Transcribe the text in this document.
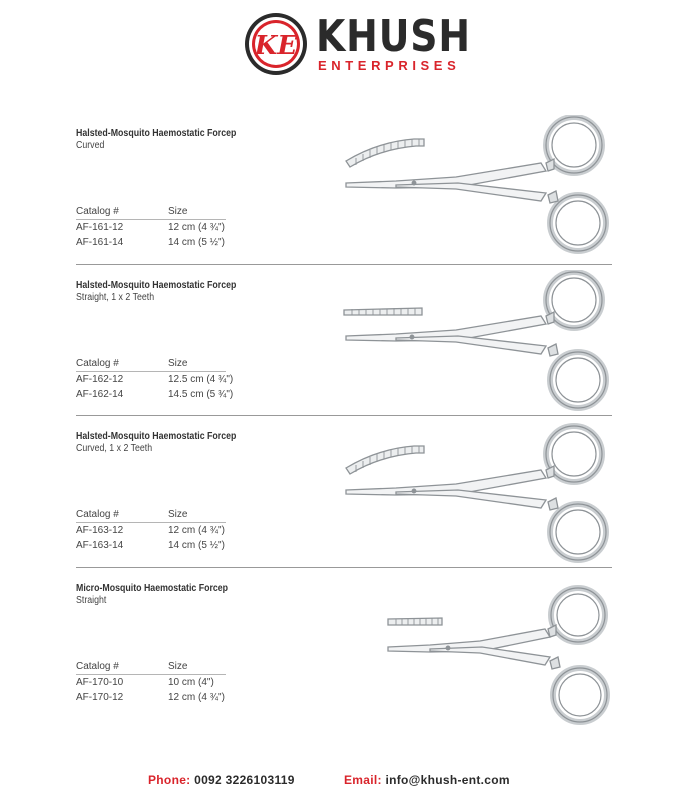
KE KHUSH
ENTERPRISES
Halsted-Mosquito Haemostatic Forcep
Curved
Catalog #	Size
AF-161-12	12 cm (4 ¾")
AF-161-14	14 cm (5 ½")
Halsted-Mosquito Haemostatic Forcep
Straight, 1 x 2 Teeth
Catalog #	Size
AF-162-12	12.5 cm (4 ¾")
AF-162-14	14.5 cm (5 ¾")
Halsted-Mosquito Haemostatic Forcep
Curved, 1 x 2 Teeth
Catalog #	Size
AF-163-12	12 cm (4 ¾")
AF-163-14	14 cm (5 ½")
Micro-Mosquito Haemostatic Forcep
Straight
Catalog #	Size
AF-170-10	10 cm (4")
AF-170-12	12 cm (4 ¾")
Phone: 0092 3226103119	Email: info@khush-ent.com
